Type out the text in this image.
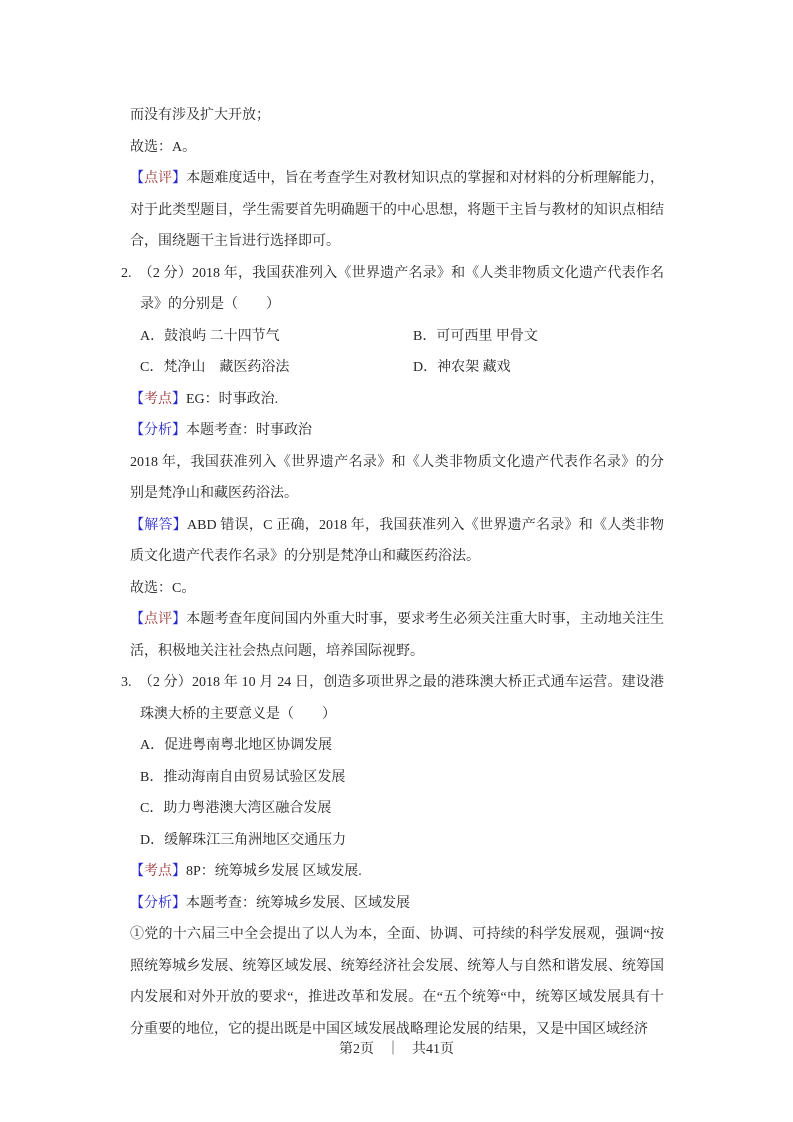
而没有涉及扩大开放；

故选：A。

【点评】本题难度适中，旨在考查学生对教材知识点的掌握和对材料的分析理解能力，对于此类型题目，学生需要首先明确题干的中心思想，将题干主旨与教材的知识点相结合，围绕题干主旨进行选择即可。

2. （2 分）2018 年，我国获准列入《世界遗产名录》和《人类非物质文化遗产代表作名录》的分别是（　　）

A．鼓浪屿 二十四节气	B．可可西里 甲骨文
C．梵净山　藏医药浴法	D．神农架 藏戏

【考点】EG：时事政治.

【分析】本题考查：时事政治

2018 年，我国获准列入《世界遗产名录》和《人类非物质文化遗产代表作名录》的分别是梵净山和藏医药浴法。

【解答】ABD 错误，C 正确，2018 年，我国获准列入《世界遗产名录》和《人类非物质文化遗产代表作名录》的分别是梵净山和藏医药浴法。

故选：C。

【点评】本题考查年度间国内外重大时事，要求考生必须关注重大时事，主动地关注生活，积极地关注社会热点问题，培养国际视野。

3. （2 分）2018 年 10 月 24 日，创造多项世界之最的港珠澳大桥正式通车运营。建设港珠澳大桥的主要意义是（　　）

A．促进粤南粤北地区协调发展
B．推动海南自由贸易试验区发展
C．助力粤港澳大湾区融合发展
D．缓解珠江三角洲地区交通压力

【考点】8P：统筹城乡发展 区域发展.

【分析】本题考查：统筹城乡发展、区域发展

①党的十六届三中全会提出了以人为本，全面、协调、可持续的科学发展观，强调“按照统筹城乡发展、统筹区域发展、统筹经济社会发展、统筹人与自然和谐发展、统筹国内发展和对外开放的要求“，推进改革和发展。在“五个统筹“中，统筹区域发展具有十分重要的地位，它的提出既是中国区域发展战略理论发展的结果，又是中国区域经济

第2页 ｜ 共41页
